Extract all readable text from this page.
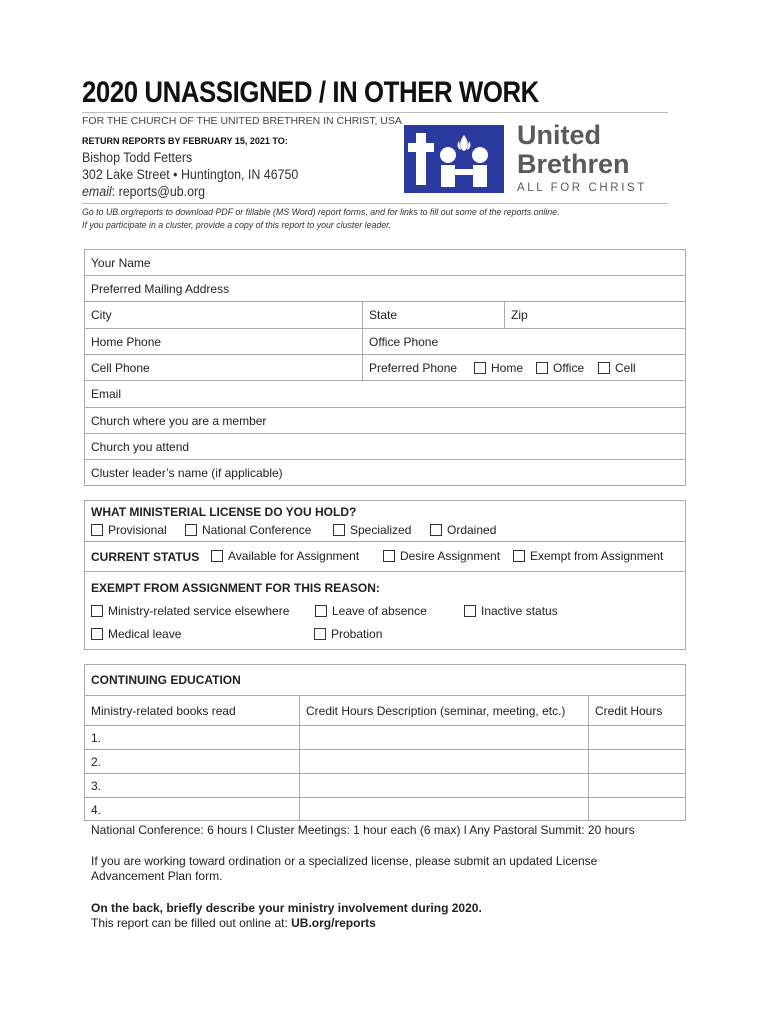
2020 UNASSIGNED / IN OTHER WORK
FOR THE CHURCH OF THE UNITED BRETHREN IN CHRIST, USA
RETURN REPORTS BY FEBRUARY 15, 2021 TO:
Bishop Todd Fetters
302 Lake Street • Huntington, IN 46750
email: reports@ub.org
United
Brethren
ALL FOR CHRIST
Go to UB.org/reports to download PDF or fillable (MS Word) report forms, and for links to fill out some of the reports online.
If you participate in a cluster, provide a copy of this report to your cluster leader.
Your Name
Preferred Mailing Address
City	State	Zip
Home Phone	Office Phone
Cell Phone	Preferred Phone	Home Office	Cell
Email
Church where you are a member
Church you attend
Cluster leader’s name (if applicable)
WHAT MINISTERIAL LICENSE DO YOU HOLD?
Provisional	National Conference	Specialized	Ordained
CURRENT STATUS Available for Assignment	Desire Assignment Exempt from Assignment
EXEMPT FROM ASSIGNMENT FOR THIS REASON:
Ministry-related service elsewhere	Leave of absence	Inactive status
Medical leave	Probation
CONTINUING EDUCATION
Ministry-related books read	Credit Hours Description (seminar, meeting, etc.)	Credit Hours
1.
2.
3.
4.
National Conference: 6 hours l Cluster Meetings: 1 hour each (6 max) l Any Pastoral Summit: 20 hours
If you are working toward ordination or a specialized license, please submit an updated License
Advancement Plan form.
On the back, briefly describe your ministry involvement during 2020.
This report can be filled out online at: UB.org/reports
